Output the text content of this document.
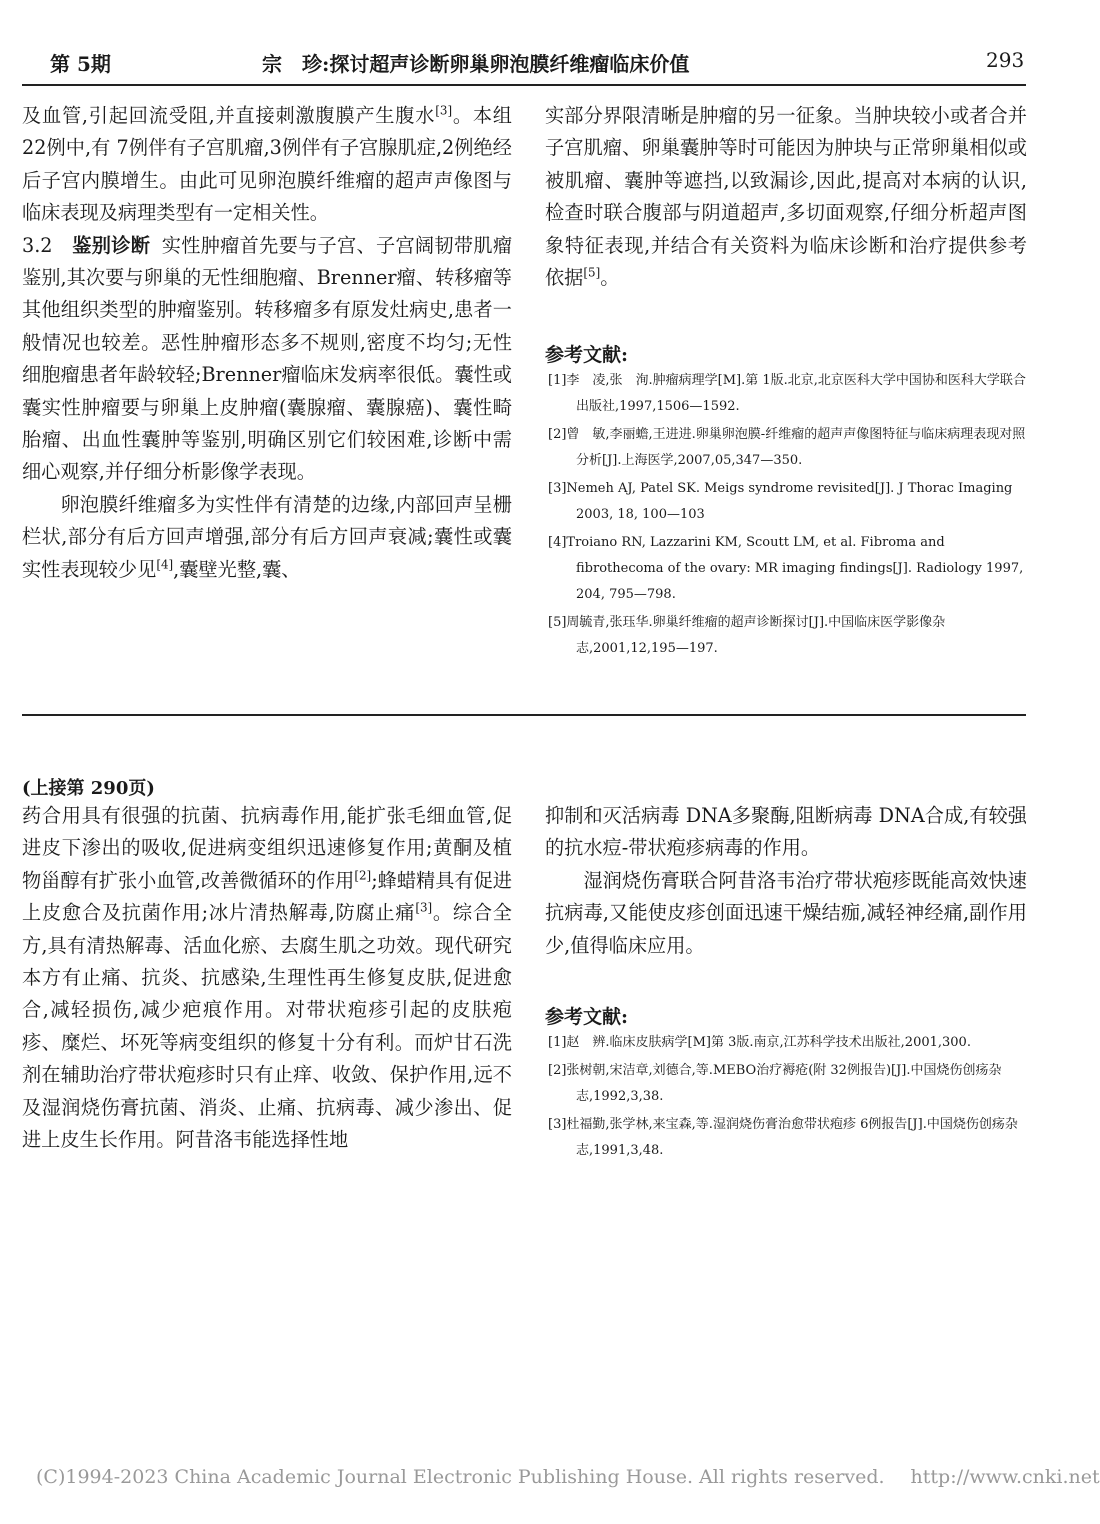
第 5期	宗　珍:探讨超声诊断卵巢卵泡膜纤维瘤临床价值	293

及血管,引起回流受阻,并直接刺激腹膜产生腹水[3]。本组 22例中,有 7例伴有子宫肌瘤,3例伴有子宫腺肌症,2例绝经后子宫内膜增生。由此可见卵泡膜纤维瘤的超声声像图与临床表现及病理类型有一定相关性。

3.2　 鉴别诊断 实性肿瘤首先要与子宫、子宫阔韧带肌瘤鉴别,其次要与卵巢的无性细胞瘤、Brenner瘤、转移瘤等其他组织类型的肿瘤鉴别。转移瘤多有原发灶病史,患者一般情况也较差。恶性肿瘤形态多不规则,密度不均匀;无性细胞瘤患者年龄较轻;Brenner瘤临床发病率很低。囊性或囊实性肿瘤要与卵巢上皮肿瘤(囊腺瘤、囊腺癌)、囊性畸胎瘤、出血性囊肿等鉴别,明确区别它们较困难,诊断中需细心观察,并仔细分析影像学表现。

卵泡膜纤维瘤多为实性伴有清楚的边缘,内部回声呈栅栏状,部分有后方回声增强,部分有后方回声衰减;囊性或囊实性表现较少见[4],囊壁光整,囊、

实部分界限清晰是肿瘤的另一征象。当肿块较小或者合并子宫肌瘤、卵巢囊肿等时可能因为肿块与正常卵巢相似或被肌瘤、囊肿等遮挡,以致漏诊,因此,提高对本病的认识,检查时联合腹部与阴道超声,多切面观察,仔细分析超声图象特征表现,并结合有关资料为临床诊断和治疗提供参考依据[5]。

参考文献:
[1]李　凌,张　洵.肿瘤病理学[M].第 1版.北京,北京医科大学中国协和医科大学联合出版社,1997,1506—1592.
[2]曾　敏,李丽蟾,王进进.卵巢卵泡膜-纤维瘤的超声声像图特征与临床病理表现对照分析[J].上海医学,2007,05,347—350.
[3]Nemeh AJ, Patel SK. Meigs syndrome revisited[J]. J Thorac Imaging 2003, 18, 100—103
[4]Troiano RN, Lazzarini KM, Scoutt LM, et al. Fibroma and fibrothecoma of the ovary: MR imaging findings[J]. Radiology 1997, 204, 795—798.
[5]周毓青,张珏华.卵巢纤维瘤的超声诊断探讨[J].中国临床医学影像杂志,2001,12,195—197.
(上接第 290页)

药合用具有很强的抗菌、抗病毒作用,能扩张毛细血管,促进皮下渗出的吸收,促进病变组织迅速修复作用;黄酮及植物甾醇有扩张小血管,改善微循环的作用[2];蜂蜡精具有促进上皮愈合及抗菌作用;冰片清热解毒,防腐止痛[3]。综合全方,具有清热解毒、活血化瘀、去腐生肌之功效。现代研究本方有止痛、抗炎、抗感染,生理性再生修复皮肤,促进愈合,减轻损伤,减少疤痕作用。对带状疱疹引起的皮肤疱疹、糜烂、坏死等病变组织的修复十分有利。而炉甘石洗剂在辅助治疗带状疱疹时只有止痒、收敛、保护作用,远不及湿润烧伤膏抗菌、消炎、止痛、抗病毒、减少渗出、促进上皮生长作用。阿昔洛韦能选择性地

抑制和灭活病毒 DNA多聚酶,阻断病毒 DNA合成,有较强的抗水痘-带状疱疹病毒的作用。

湿润烧伤膏联合阿昔洛韦治疗带状疱疹既能高效快速抗病毒,又能使皮疹创面迅速干燥结痂,减轻神经痛,副作用少,值得临床应用。

参考文献:
[1]赵　辨.临床皮肤病学[M]第 3版.南京,江苏科学技术出版社,2001,300.
[2]张树朝,宋洁章,刘德合,等.MEBO治疗褥疮(附 32例报告)[J].中国烧伤创疡杂志,1992,3,38.
[3]杜福勤,张学林,来宝森,等.湿润烧伤膏治愈带状疱疹 6例报告[J].中国烧伤创疡杂志,1991,3,48.
(C)1994-2023 China Academic Journal Electronic Publishing House. All rights reserved. http://www.cnki.net
